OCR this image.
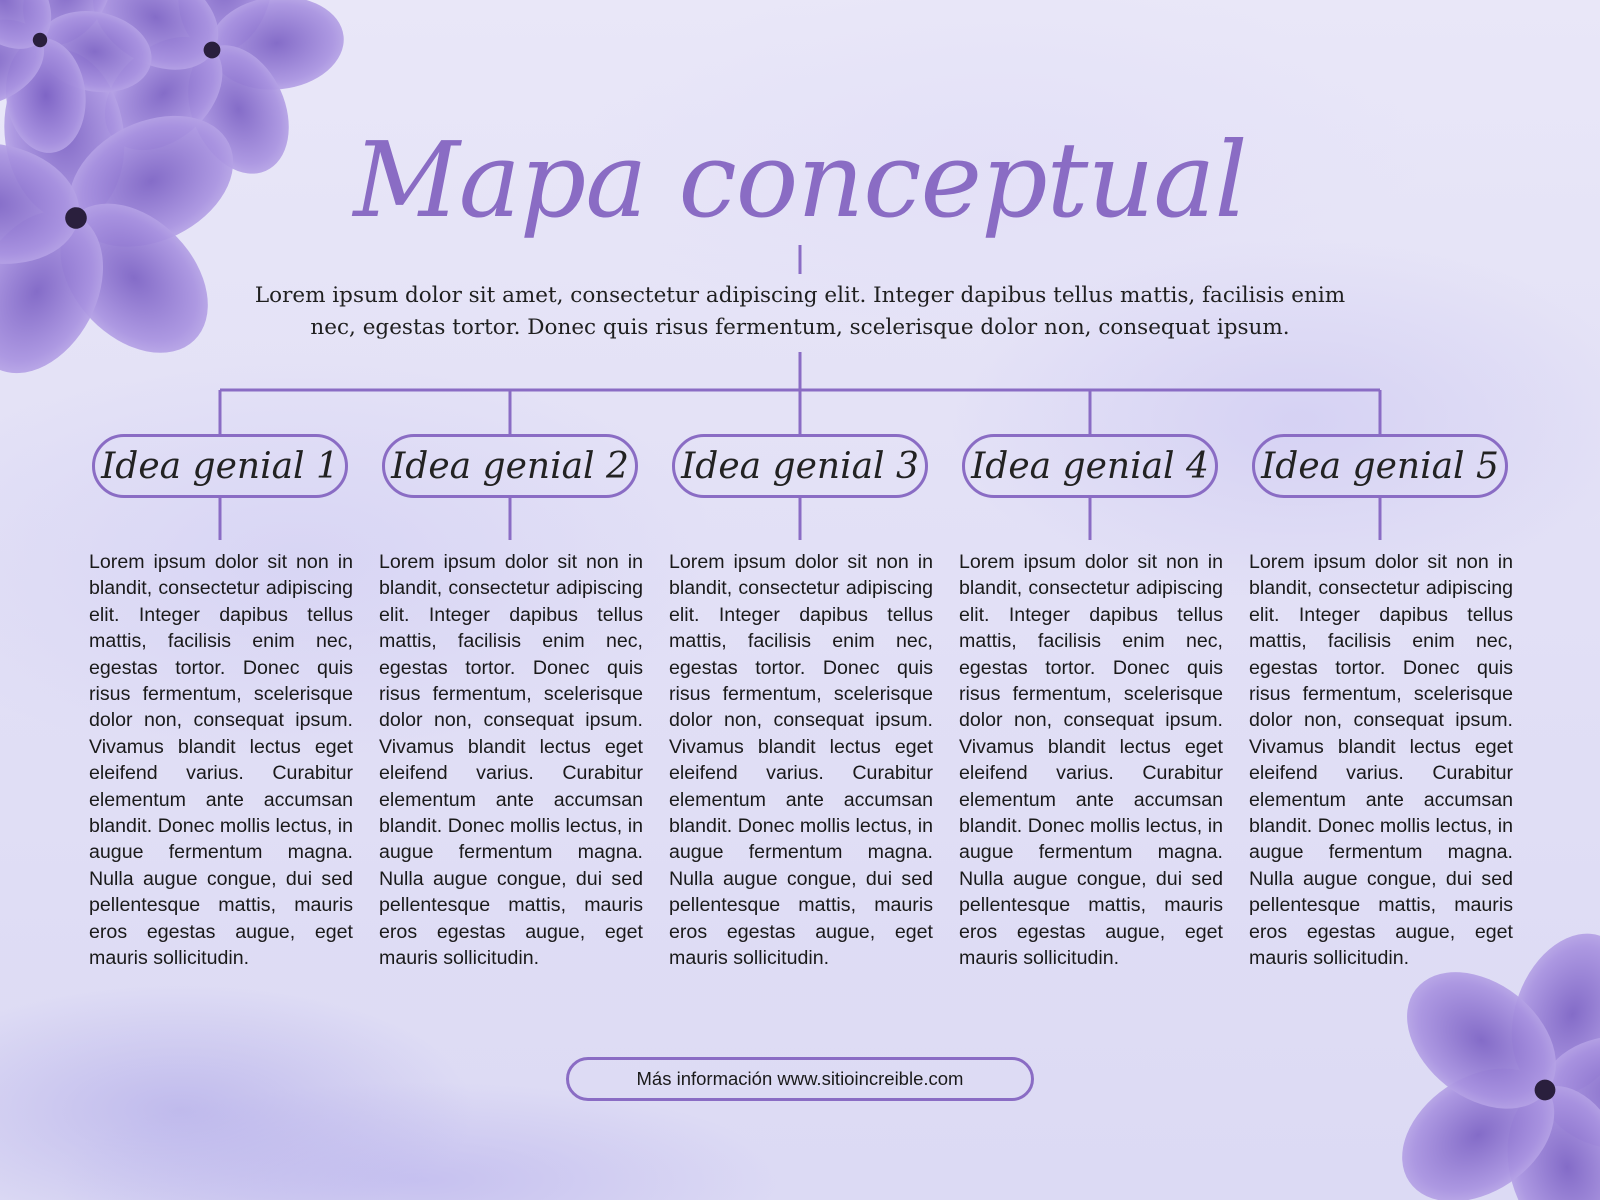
Mapa conceptual
Lorem ipsum dolor sit amet, consectetur adipiscing elit. Integer dapibus tellus mattis, facilisis enim nec, egestas tortor. Donec quis risus fermentum, scelerisque dolor non, consequat ipsum.
Idea genial 1 Idea genial 2 Idea genial 3 Idea genial 4 Idea genial 5
Lorem ipsum dolor sit non in blandit, consectetur adipiscing elit. Integer dapibus tellus mattis, facilisis enim nec, egestas tortor. Donec quis risus fermentum, scelerisque dolor non, consequat ipsum. Vivamus blandit lectus eget eleifend varius. Curabitur elementum ante accumsan blandit. Donec mollis lectus, in augue fermentum magna. Nulla augue congue, dui sed pellentesque mattis, mauris eros egestas augue, eget mauris sollicitudin.
Lorem ipsum dolor sit non in blandit, consectetur adipiscing elit. Integer dapibus tellus mattis, facilisis enim nec, egestas tortor. Donec quis risus fermentum, scelerisque dolor non, consequat ipsum. Vivamus blandit lectus eget eleifend varius. Curabitur elementum ante accumsan blandit. Donec mollis lectus, in augue fermentum magna. Nulla augue congue, dui sed pellentesque mattis, mauris eros egestas augue, eget mauris sollicitudin.
Lorem ipsum dolor sit non in blandit, consectetur adipiscing elit. Integer dapibus tellus mattis, facilisis enim nec, egestas tortor. Donec quis risus fermentum, scelerisque dolor non, consequat ipsum. Vivamus blandit lectus eget eleifend varius. Curabitur elementum ante accumsan blandit. Donec mollis lectus, in augue fermentum magna. Nulla augue congue, dui sed pellentesque mattis, mauris eros egestas augue, eget mauris sollicitudin.
Lorem ipsum dolor sit non in blandit, consectetur adipiscing elit. Integer dapibus tellus mattis, facilisis enim nec, egestas tortor. Donec quis risus fermentum, scelerisque dolor non, consequat ipsum. Vivamus blandit lectus eget eleifend varius. Curabitur elementum ante accumsan blandit. Donec mollis lectus, in augue fermentum magna. Nulla augue congue, dui sed pellentesque mattis, mauris eros egestas augue, eget mauris sollicitudin.
Lorem ipsum dolor sit non in blandit, consectetur adipiscing elit. Integer dapibus tellus mattis, facilisis enim nec, egestas tortor. Donec quis risus fermentum, scelerisque dolor non, consequat ipsum. Vivamus blandit lectus eget eleifend varius. Curabitur elementum ante accumsan blandit. Donec mollis lectus, in augue fermentum magna. Nulla augue congue, dui sed pellentesque mattis, mauris eros egestas augue, eget mauris sollicitudin.
Más información www.sitioincreible.com
